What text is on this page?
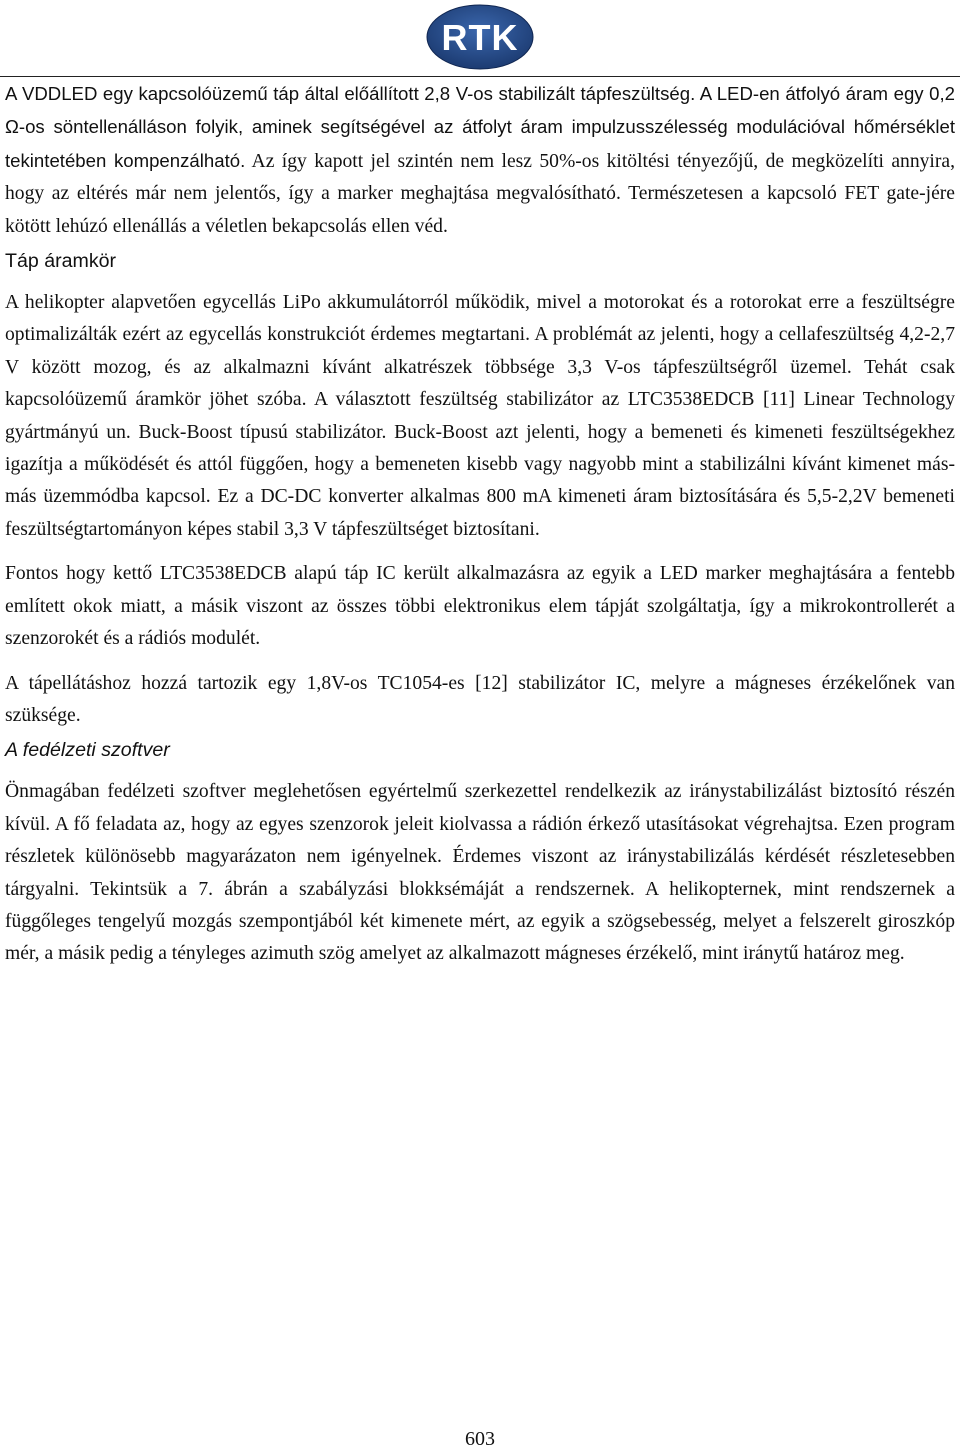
RTK

A VDDLED egy kapcsolóüzemű táp által előállított 2,8 V-os stabilizált tápfeszültség. A LED-en átfolyó áram egy 0,2 Ω-os söntellenálláson folyik, aminek segítségével az átfolyt áram impulzusszélesség modulációval hőmérséklet tekintetében kompenzálható. Az így kapott jel szintén nem lesz 50%-os kitöltési tényezőjű, de megközelíti annyira, hogy az eltérés már nem jelentős, így a marker meghajtása megvalósítható. Természetesen a kapcsoló FET gate-jére kötött lehúzó ellenállás a véletlen bekapcsolás ellen véd.

Táp áramkör

A helikopter alapvetően egycellás LiPo akkumulátorról működik, mivel a motorokat és a rotorokat erre a feszültségre optimalizálták ezért az egycellás konstrukciót érdemes megtartani. A problémát az jelenti, hogy a cellafeszültség 4,2-2,7 V között mozog, és az alkalmazni kívánt alkatrészek többsége 3,3 V-os tápfeszültségről üzemel. Tehát csak kapcsolóüzemű áramkör jöhet szóba. A választott feszültség stabilizátor az LTC3538EDCB [11] Linear Technology gyártmányú un. Buck-Boost típusú stabilizátor. Buck-Boost azt jelenti, hogy a bemeneti és kimeneti feszültségekhez igazítja a működését és attól függően, hogy a bemeneten kisebb vagy nagyobb mint a stabilizálni kívánt kimenet más-más üzemmódba kapcsol. Ez a DC-DC konverter alkalmas 800 mA kimeneti áram biztosítására és 5,5-2,2V bemeneti feszültségtartományon képes stabil 3,3 V tápfeszültséget biztosítani.

Fontos hogy kettő LTC3538EDCB alapú táp IC került alkalmazásra az egyik a LED marker meghajtására a fentebb említett okok miatt, a másik viszont az összes többi elektronikus elem tápját szolgáltatja, így a mikrokontrollerét a szenzorokét és a rádiós modulét.

A tápellátáshoz hozzá tartozik egy 1,8V-os TC1054-es [12] stabilizátor IC, melyre a mágneses érzékelőnek van szüksége.

A fedélzeti szoftver

Önmagában fedélzeti szoftver meglehetősen egyértelmű szerkezettel rendelkezik az iránystabilizálást biztosító részén kívül. A fő feladata az, hogy az egyes szenzorok jeleit kiolvassa a rádión érkező utasításokat végrehajtsa. Ezen program részletek különösebb magyarázaton nem igényelnek. Érdemes viszont az iránystabilizálás kérdését részletesebben tárgyalni. Tekintsük a 7. ábrán a szabályzási blokksémáját a rendszernek. A helikopternek, mint rendszernek a függőleges tengelyű mozgás szempontjából két kimenete mért, az egyik a szögsebesség, melyet a felszerelt giroszkóp mér, a másik pedig a tényleges azimuth szög amelyet az alkalmazott mágneses érzékelő, mint iránytű határoz meg.

603
